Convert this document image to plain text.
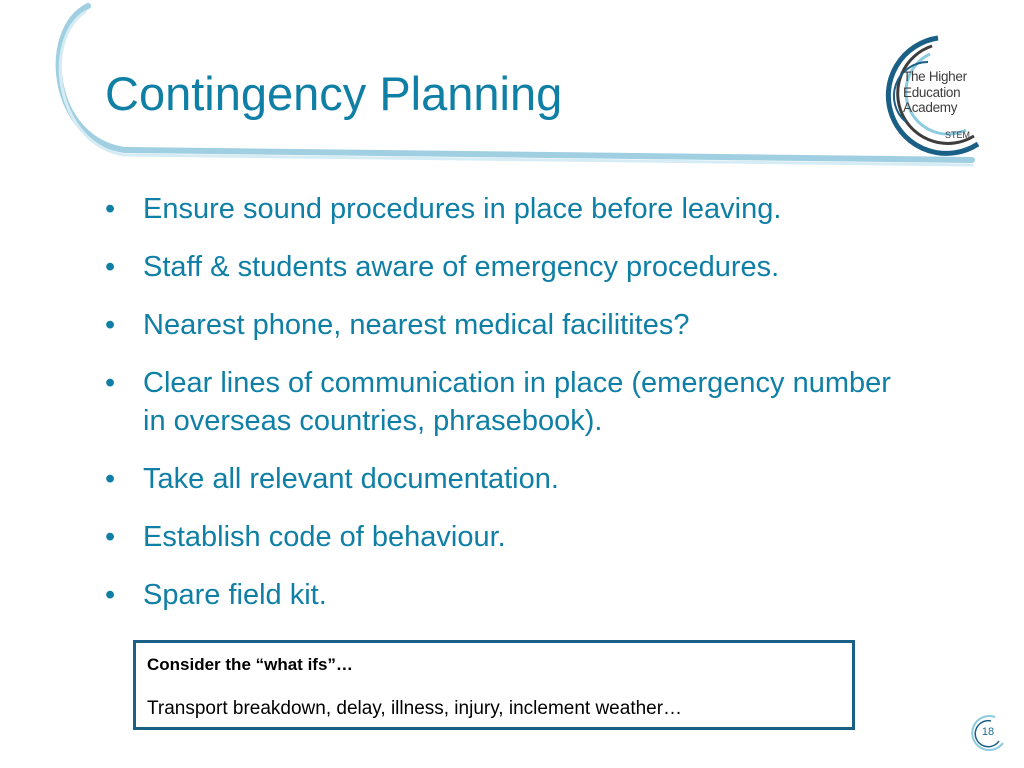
Contingency Planning	The Higher
Education
Academy
STEM
• Ensure sound procedures in place before leaving.
• Staff & students aware of emergency procedures.
• Nearest phone, nearest medical facilitites?
• Clear lines of communication in place (emergency number in overseas countries, phrasebook).
• Take all relevant documentation.
• Establish code of behaviour.
• Spare field kit.

Consider the “what ifs”…

Transport breakdown, delay, illness, injury, inclement weather…

18
